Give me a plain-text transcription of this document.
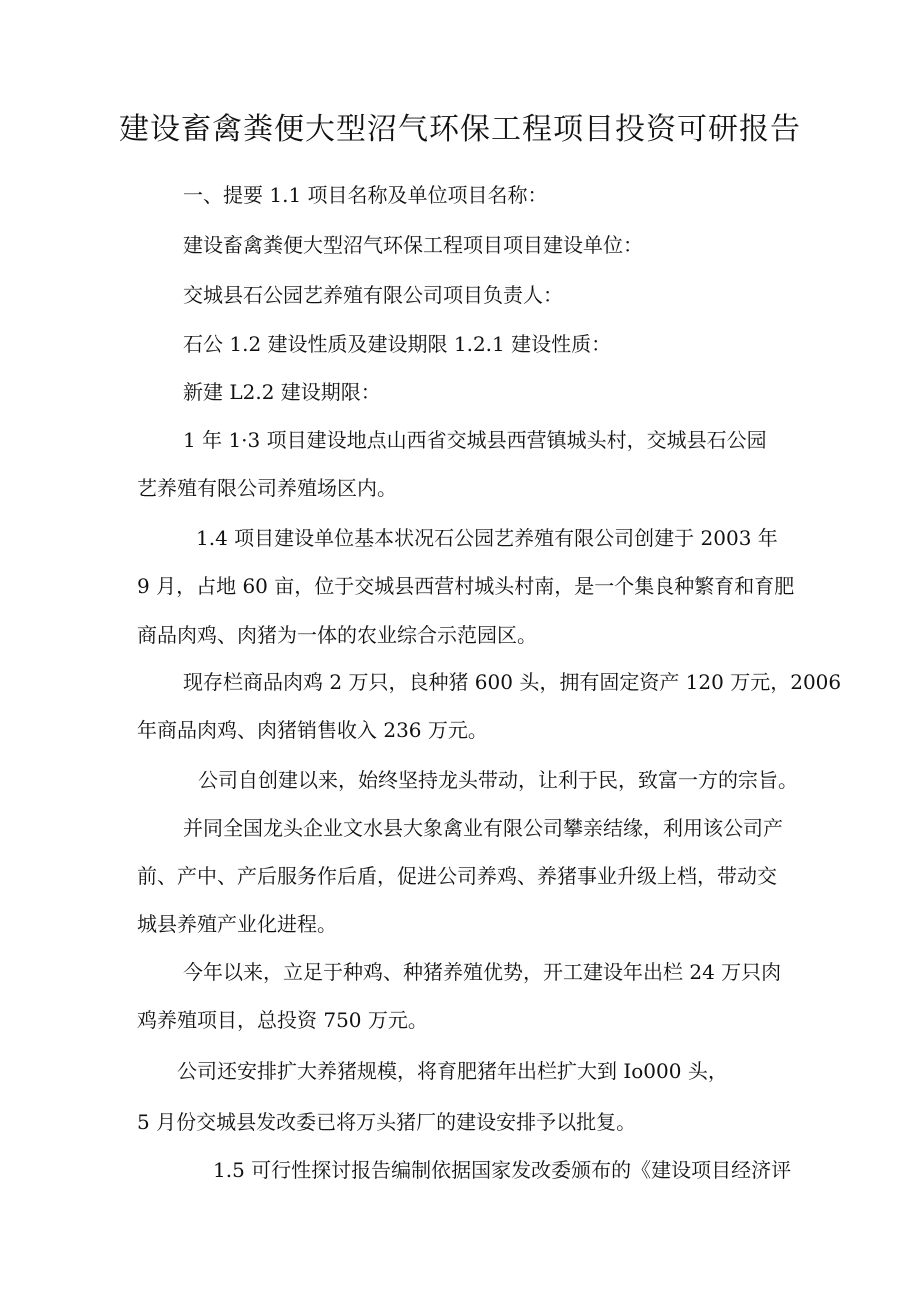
建设畜禽粪便大型沼气环保工程项目投资可研报告
一、提要 1.1 项目名称及单位项目名称：
建设畜禽粪便大型沼气环保工程项目项目建设单位：
交城县石公园艺养殖有限公司项目负责人：
石公 1.2 建设性质及建设期限 1.2.1 建设性质：
新建 L2.2 建设期限：
1 年 1·3 项目建设地点山西省交城县西营镇城头村，交城县石公园
艺养殖有限公司养殖场区内。
1.4 项目建设单位基本状况石公园艺养殖有限公司创建于 2003 年
9 月，占地 60 亩，位于交城县西营村城头村南，是一个集良种繁育和育肥
商品肉鸡、肉猪为一体的农业综合示范园区。
现存栏商品肉鸡 2 万只，良种猪 600 头，拥有固定资产 120 万元，2006
年商品肉鸡、肉猪销售收入 236 万元。
公司自创建以来，始终坚持龙头带动，让利于民，致富一方的宗旨。
并同全国龙头企业文水县大象禽业有限公司攀亲结缘，利用该公司产
前、产中、产后服务作后盾，促进公司养鸡、养猪事业升级上档，带动交
城县养殖产业化进程。
今年以来，立足于种鸡、种猪养殖优势，开工建设年出栏 24 万只肉
鸡养殖项目，总投资 750 万元。
公司还安排扩大养猪规模，将育肥猪年出栏扩大到 Io000 头，
5 月份交城县发改委已将万头猪厂的建设安排予以批复。
1.5 可行性探讨报告编制依据国家发改委颁布的《建设项目经济评
